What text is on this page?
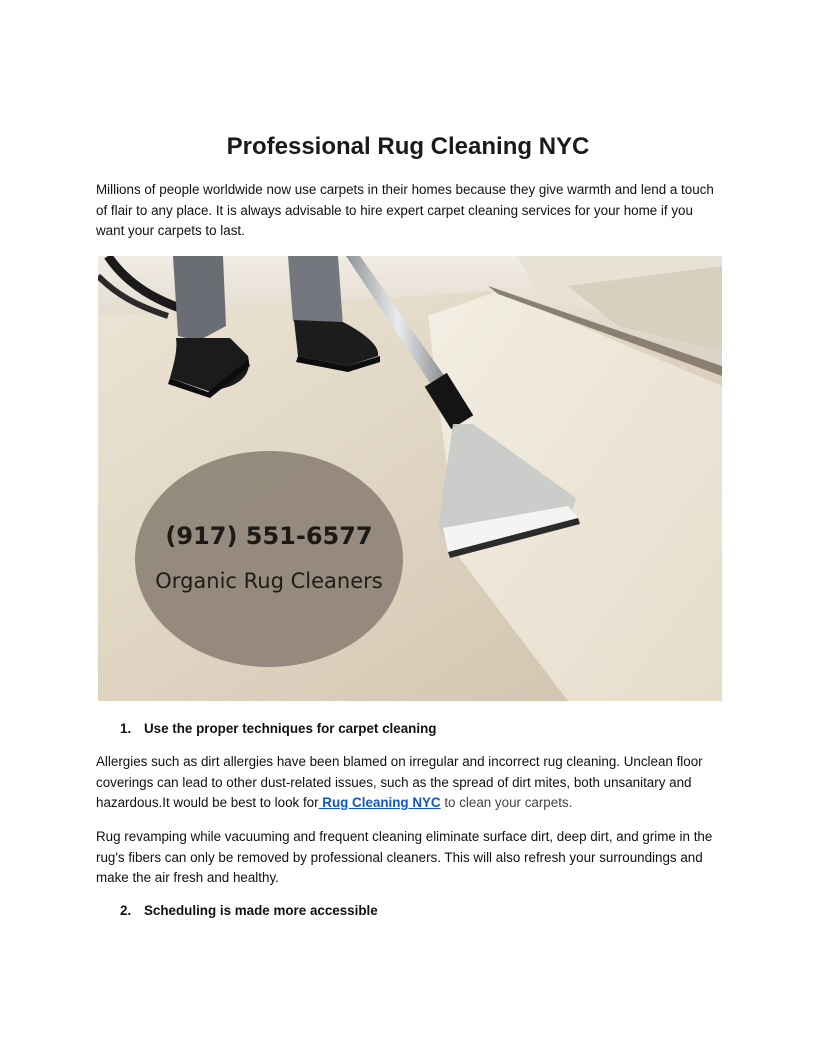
Professional Rug Cleaning NYC
Millions of people worldwide now use carpets in their homes because they give warmth and lend a touch of flair to any place. It is always advisable to hire expert carpet cleaning services for your home if you want your carpets to last.
(917) 551-6577
Organic Rug Cleaners
1. Use the proper techniques for carpet cleaning
Allergies such as dirt allergies have been blamed on irregular and incorrect rug cleaning. Unclean floor coverings can lead to other dust-related issues, such as the spread of dirt mites, both unsanitary and hazardous.It would be best to look for Rug Cleaning NYC to clean your carpets.
Rug revamping while vacuuming and frequent cleaning eliminate surface dirt, deep dirt, and grime in the rug's fibers can only be removed by professional cleaners. This will also refresh your surroundings and make the air fresh and healthy.
2. Scheduling is made more accessible
